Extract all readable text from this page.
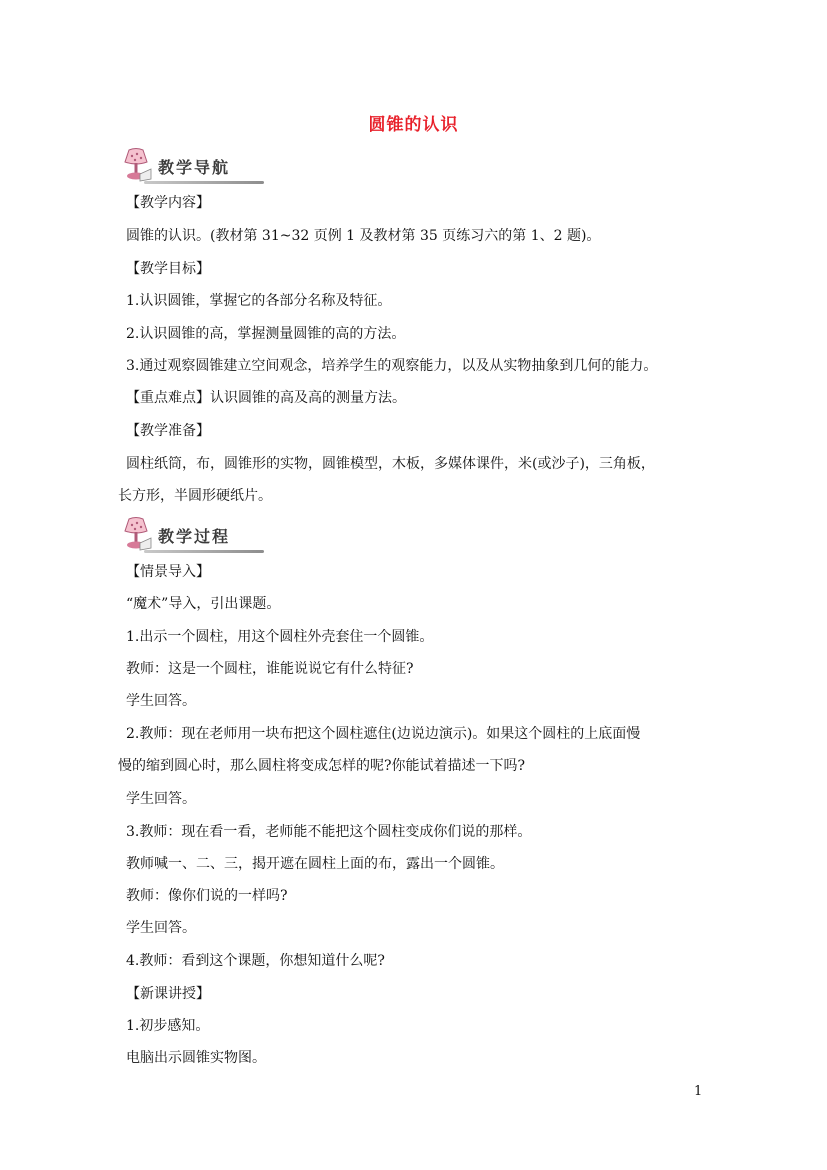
圆锥的认识
教学导航
【教学内容】
圆锥的认识。(教材第 31~32 页例 1 及教材第 35 页练习六的第 1、2 题)。
【教学目标】
1.认识圆锥，掌握它的各部分名称及特征。
2.认识圆锥的高，掌握测量圆锥的高的方法。
3.通过观察圆锥建立空间观念，培养学生的观察能力，以及从实物抽象到几何的能力。
【重点难点】认识圆锥的高及高的测量方法。
【教学准备】
圆柱纸筒，布，圆锥形的实物，圆锥模型，木板，多媒体课件，米(或沙子)，三角板，
长方形，半圆形硬纸片。
教学过程
【情景导入】
“魔术”导入，引出课题。
1.出示一个圆柱，用这个圆柱外壳套住一个圆锥。
教师：这是一个圆柱，谁能说说它有什么特征?
学生回答。
2.教师：现在老师用一块布把这个圆柱遮住(边说边演示)。如果这个圆柱的上底面慢
慢的缩到圆心时，那么圆柱将变成怎样的呢?你能试着描述一下吗?
学生回答。
3.教师：现在看一看，老师能不能把这个圆柱变成你们说的那样。
教师喊一、二、三，揭开遮在圆柱上面的布，露出一个圆锥。
教师：像你们说的一样吗?
学生回答。
4.教师：看到这个课题，你想知道什么呢?
【新课讲授】
1.初步感知。
电脑出示圆锥实物图。
1
